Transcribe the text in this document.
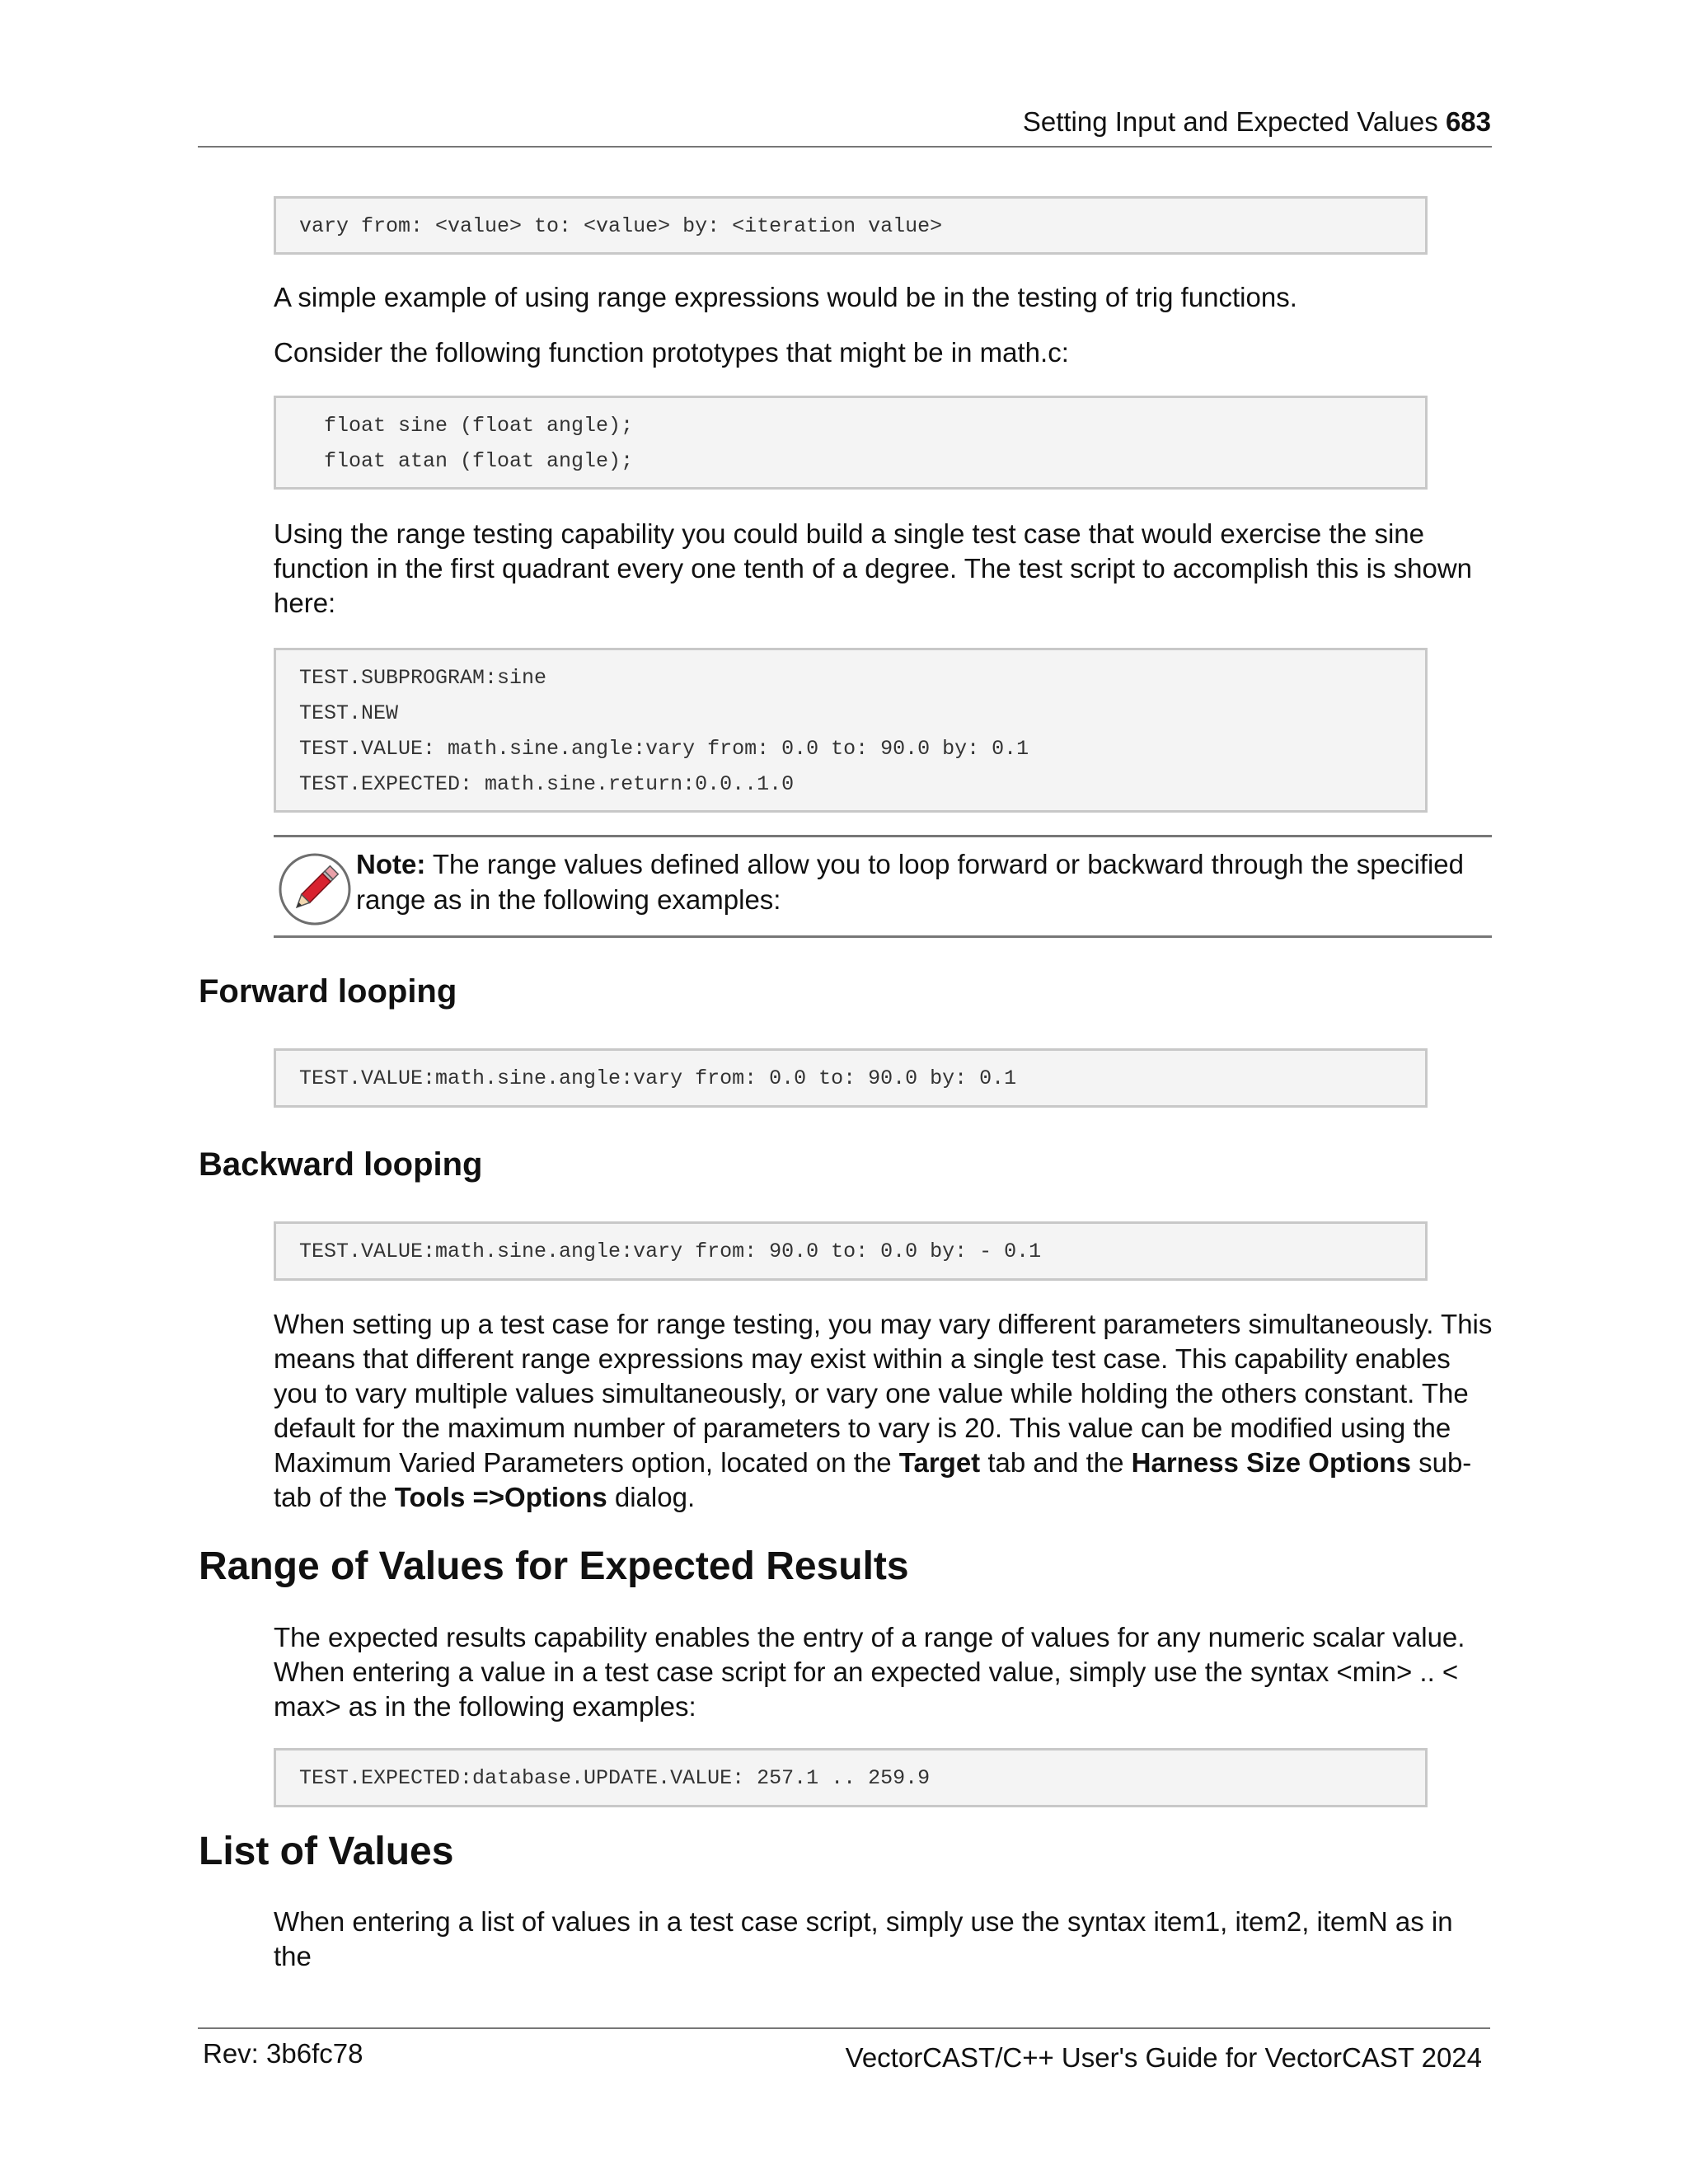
Setting Input and Expected Values 683
vary from: <value> to: <value> by: <iteration value>
A simple example of using range expressions would be in the testing of trig functions.
Consider the following function prototypes that might be in math.c:
float sine (float angle);
float atan (float angle);
Using the range testing capability you could build a single test case that would exercise the sine function in the first quadrant every one tenth of a degree. The test script to accomplish this is shown here:
TEST.SUBPROGRAM:sine
TEST.NEW
TEST.VALUE: math.sine.angle:vary from: 0.0 to: 90.0 by: 0.1
TEST.EXPECTED: math.sine.return:0.0..1.0
Note: The range values defined allow you to loop forward or backward through the specified range as in the following examples:
Forward looping
TEST.VALUE:math.sine.angle:vary from: 0.0 to: 90.0 by: 0.1
Backward looping
TEST.VALUE:math.sine.angle:vary from: 90.0 to: 0.0 by: - 0.1
When setting up a test case for range testing, you may vary different parameters simultaneously. This means that different range expressions may exist within a single test case. This capability enables you to vary multiple values simultaneously, or vary one value while holding the others constant. The default for the maximum number of parameters to vary is 20. This value can be modified using the Maximum Varied Parameters option, located on the Target tab and the Harness Size Options sub-tab of the Tools =>Options dialog.
Range of Values for Expected Results
The expected results capability enables the entry of a range of values for any numeric scalar value. When entering a value in a test case script for an expected value, simply use the syntax <min> .. < max> as in the following examples:
TEST.EXPECTED:database.UPDATE.VALUE: 257.1 .. 259.9
List of Values
When entering a list of values in a test case script, simply use the syntax item1, item2, itemN as in the
Rev: 3b6fc78	VectorCAST/C++ User's Guide for VectorCAST 2024
